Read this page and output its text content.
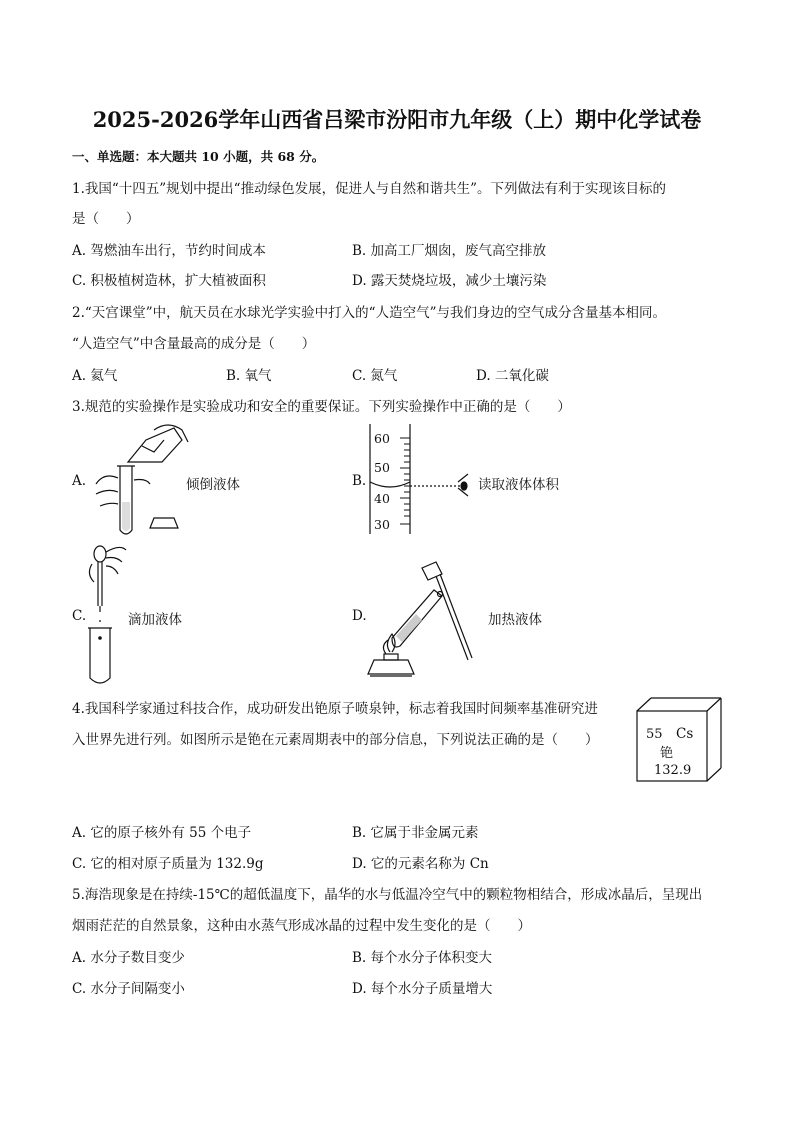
2025-2026学年山西省吕梁市汾阳市九年级（上）期中化学试卷
一、单选题：本大题共 10 小题，共 68 分。
1.我国“十四五”规划中提出“推动绿色发展，促进人与自然和谐共生”。下列做法有利于实现该目标的
是（　　）
A. 驾燃油车出行，节约时间成本	B. 加高工厂烟囱，废气高空排放
C. 积极植树造林，扩大植被面积	D. 露天焚烧垃圾，减少土壤污染
2.“天宫课堂”中，航天员在水球光学实验中打入的“人造空气”与我们身边的空气成分含量基本相同。
“人造空气”中含量最高的成分是（　　）
A. 氦气	B. 氧气	C. 氮气	D. 二氧化碳
3.规范的实验操作是实验成功和安全的重要保证。下列实验操作中正确的是（　　）
A.	倾倒液体	B.
60
50
40
30
读取液体体积
C.	滴加液体	D.	加热液体
4.我国科学家通过科技合作，成功研发出铯原子喷泉钟，标志着我国时间频率基准研究进
入世界先进行列。如图所示是铯在元素周期表中的部分信息，下列说法正确的是（　　）	55 Cs
铯
132.9
A. 它的原子核外有 55 个电子	B. 它属于非金属元素
C. 它的相对原子质量为 132.9g	D. 它的元素名称为 Cn
5.海浩现象是在持续-15℃的超低温度下，晶华的水与低温冷空气中的颗粒物相结合，形成冰晶后，呈现出
烟雨茫茫的自然景象，这种由水蒸气形成冰晶的过程中发生变化的是（　　）
A. 水分子数目变少	B. 每个水分子体积变大
C. 水分子间隔变小	D. 每个水分子质量增大
